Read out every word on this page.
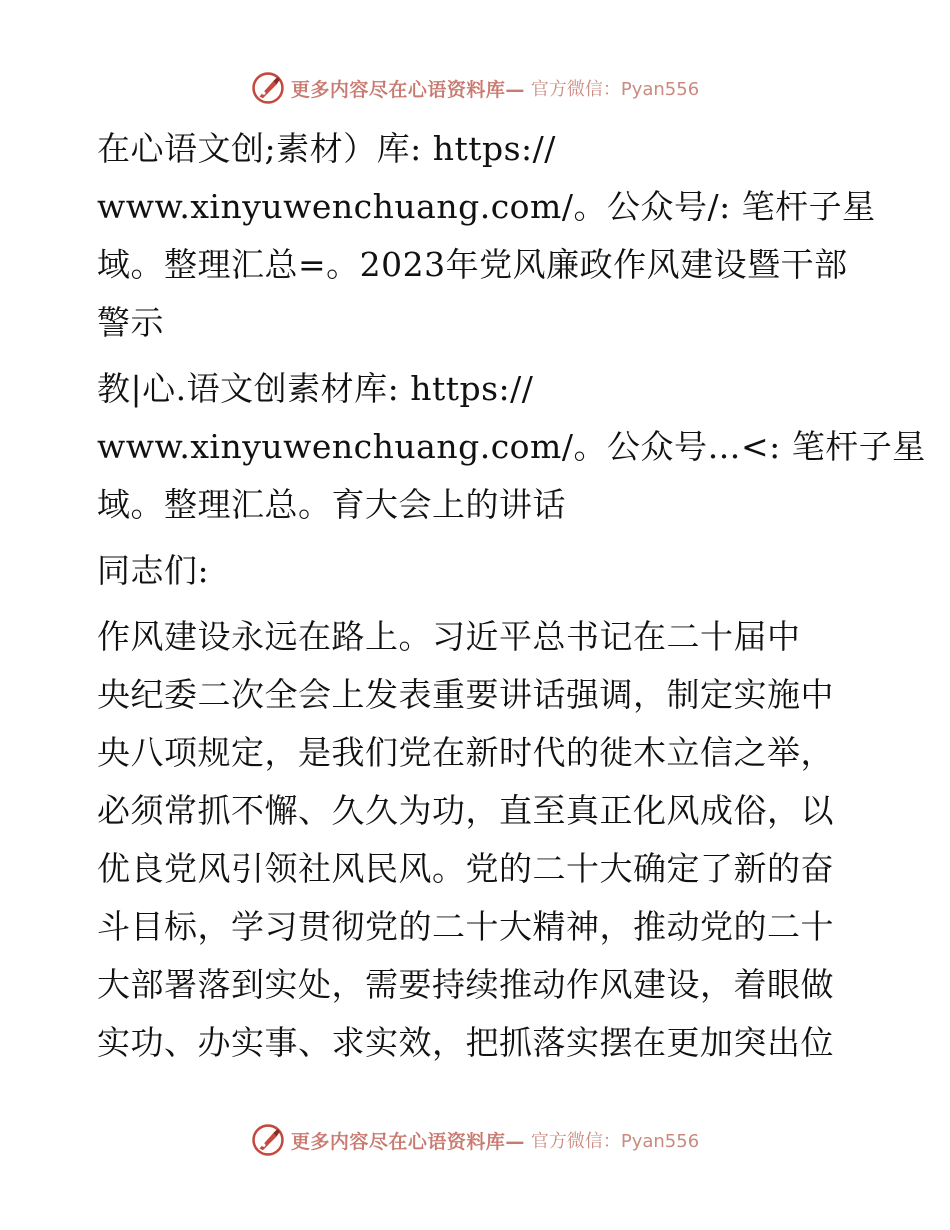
更多内容尽在心语资料库— 官方微信：Pyan556

在心语文创;素材）库: https://
www.xinyuwenchuang.com/。公众号/: 笔杆子星
域。整理汇总=。2023年党风廉政作风建设暨干部
警示

教|心.语文创素材库: https://
www.xinyuwenchuang.com/。公众号…<: 笔杆子星
域。整理汇总。育大会上的讲话

同志们:

作风建设永远在路上。习近平总书记在二十届中
央纪委二次全会上发表重要讲话强调，制定实施中
央八项规定，是我们党在新时代的徙木立信之举，
必须常抓不懈、久久为功，直至真正化风成俗，以
优良党风引领社风民风。党的二十大确定了新的奋
斗目标，学习贯彻党的二十大精神，推动党的二十
大部署落到实处，需要持续推动作风建设，着眼做
实功、办实事、求实效，把抓落实摆在更加突出位

更多内容尽在心语资料库— 官方微信：Pyan556
